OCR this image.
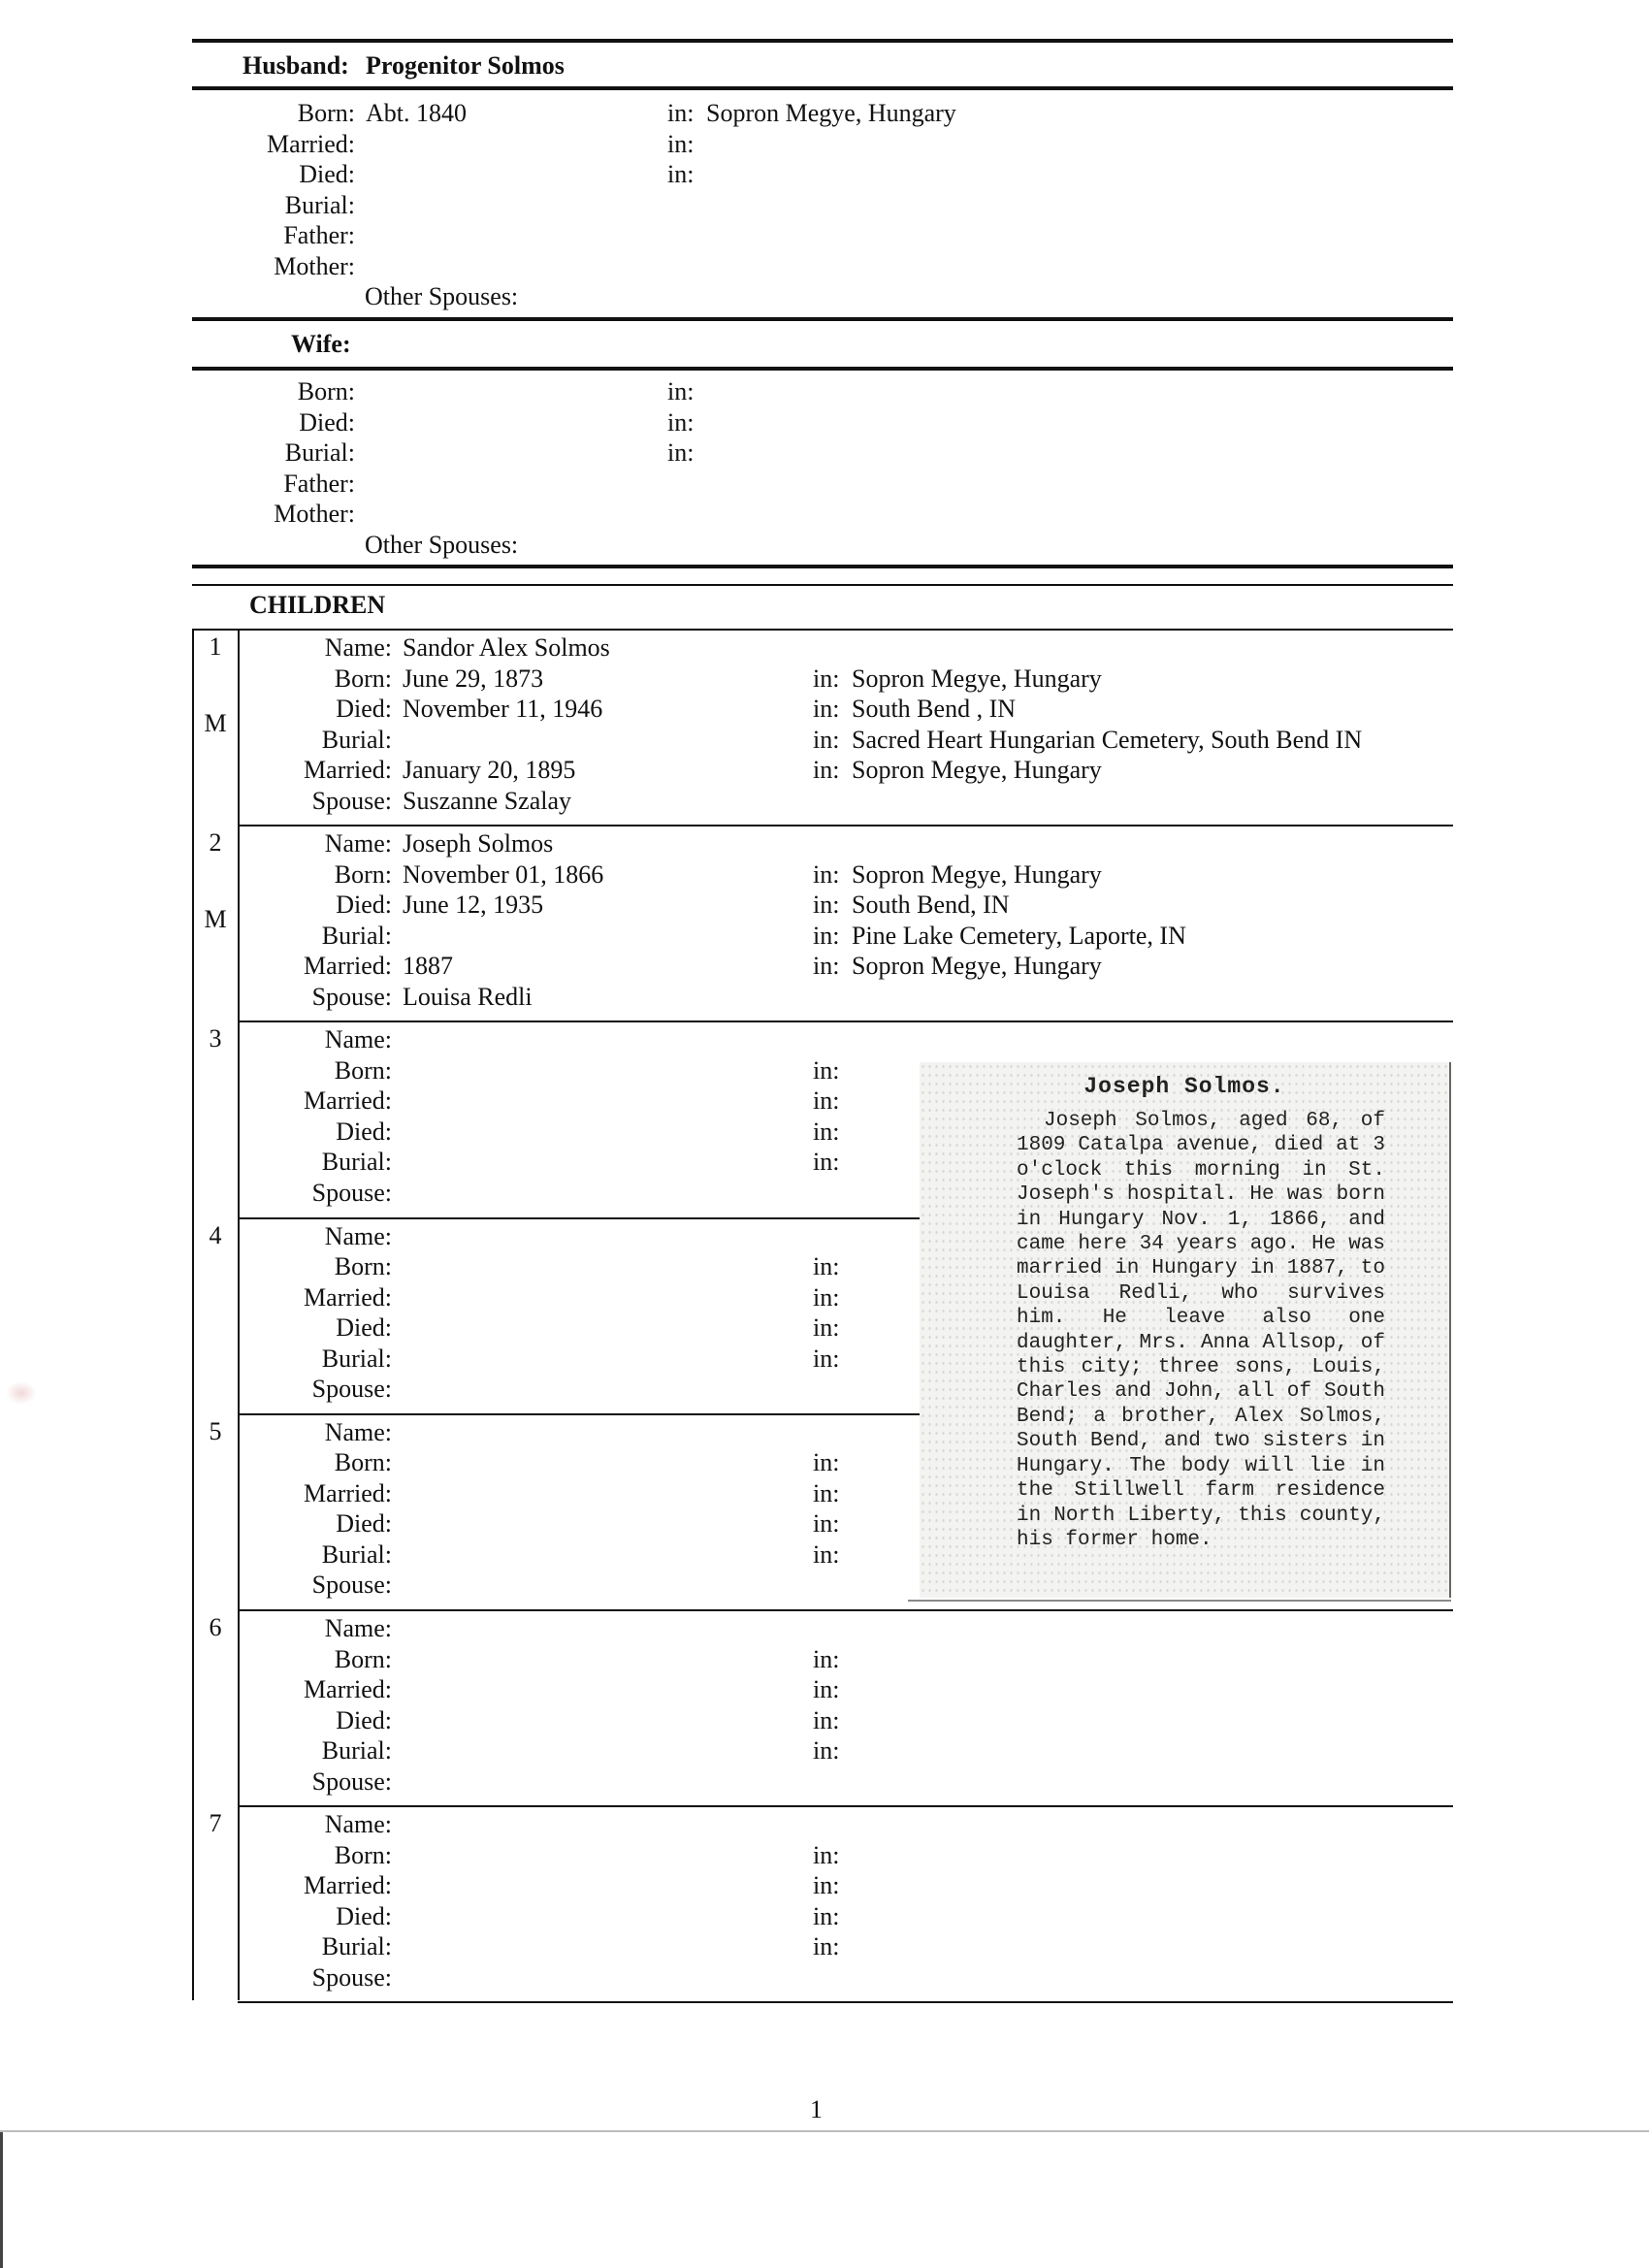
Husband: Progenitor Solmos
Born: Abt. 1840	in: Sopron Megye, Hungary
Married:	in:
Died:	in:
Burial:
Father:
Mother:
Other Spouses:
Wife:
Born:	in:
Died:	in:
Burial:	in:
Father:
Mother:
Other Spouses:
CHILDREN
1
M
Name: Sandor Alex Solmos
Born: June 29, 1873	in: Sopron Megye, Hungary
Died: November 11, 1946	in: South Bend , IN
Burial:	in: Sacred Heart Hungarian Cemetery, South Bend IN
Married: January 20, 1895	in: Sopron Megye, Hungary
Spouse: Suszanne Szalay
2
M
Name: Joseph Solmos
Born: November 01, 1866	in: Sopron Megye, Hungary
Died: June 12, 1935	in: South Bend, IN
Burial:	in: Pine Lake Cemetery, Laporte, IN
Married: 1887	in: Sopron Megye, Hungary
Spouse: Louisa Redli
3	Name:
Born:	in:
Married:	in:
Died:	in:
Burial:	in:
Spouse:
4	Name:
Born:	in:
Married:	in:
Died:	in:
Burial:	in:
Spouse:
5	Name:
Born:	in:
Married:	in:
Died:	in:
Burial:	in:
Spouse:
6	Name:
Born:	in:
Married:	in:
Died:	in:
Burial:	in:
Spouse:
7	Name:
Born:	in:
Married:	in:
Died:	in:
Burial:	in:
Spouse:
Joseph Solmos.
Joseph Solmos, aged 68, of 1809 Catalpa avenue, died at 3 o'clock this morning in St. Joseph's hospital. He was born in Hungary Nov. 1, 1866, and came here 34 years ago. He was married in Hungary in 1887, to Louisa Redli, who survives him. He leave also one daughter, Mrs. Anna Allsop, of this city; three sons, Louis, Charles and John, all of South Bend; a brother, Alex Solmos, South Bend, and two sisters in Hungary. The body will lie in the Stillwell farm residence in North Liberty, this county, his former home.
1
